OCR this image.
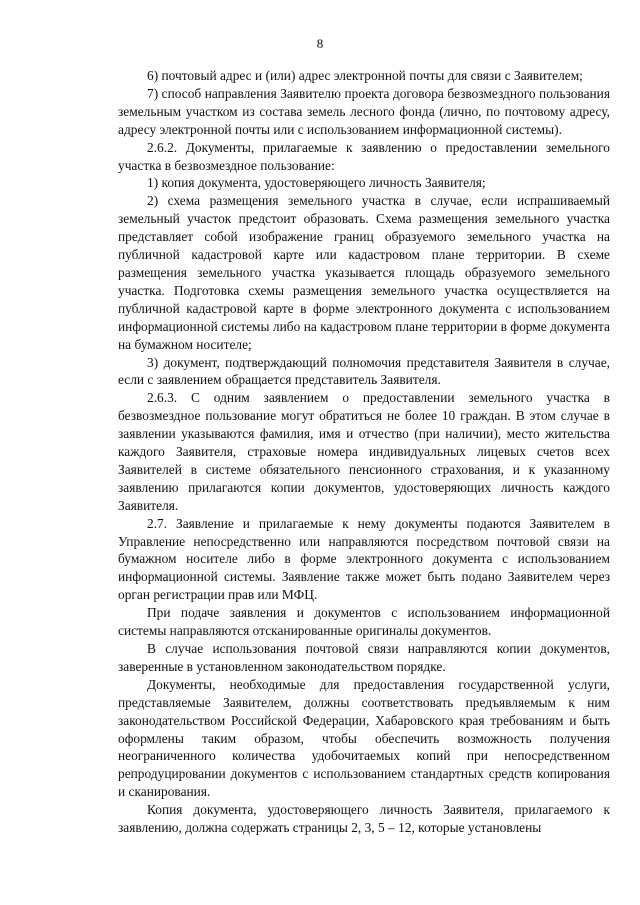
8

6) почтовый адрес и (или) адрес электронной почты для связи с Заявителем;

7) способ направления Заявителю проекта договора безвозмездного пользования земельным участком из состава земель лесного фонда (лично, по почтовому адресу, адресу электронной почты или с использованием информационной системы).

2.6.2. Документы, прилагаемые к заявлению о предоставлении земельного участка в безвозмездное пользование:

1) копия документа, удостоверяющего личность Заявителя;

2) схема размещения земельного участка в случае, если испрашиваемый земельный участок предстоит образовать. Схема размещения земельного участка представляет собой изображение границ образуемого земельного участка на публичной кадастровой карте или кадастровом плане территории. В схеме размещения земельного участка указывается площадь образуемого земельного участка. Подготовка схемы размещения земельного участка осуществляется на публичной кадастровой карте в форме электронного документа с использованием информационной системы либо на кадастровом плане территории в форме документа на бумажном носителе;

3) документ, подтверждающий полномочия представителя Заявителя в случае, если с заявлением обращается представитель Заявителя.

2.6.3. С одним заявлением о предоставлении земельного участка в безвозмездное пользование могут обратиться не более 10 граждан. В этом случае в заявлении указываются фамилия, имя и отчество (при наличии), место жительства каждого Заявителя, страховые номера индивидуальных лицевых счетов всех Заявителей в системе обязательного пенсионного страхования, и к указанному заявлению прилагаются копии документов, удостоверяющих личность каждого Заявителя.

2.7. Заявление и прилагаемые к нему документы подаются Заявителем в Управление непосредственно или направляются посредством почтовой связи на бумажном носителе либо в форме электронного документа с использованием информационной системы. Заявление также может быть подано Заявителем через орган регистрации прав или МФЦ.

При подаче заявления и документов с использованием информационной системы направляются отсканированные оригиналы документов.

В случае использования почтовой связи направляются копии документов, заверенные в установленном законодательством порядке.

Документы, необходимые для предоставления государственной услуги, представляемые Заявителем, должны соответствовать предъявляемым к ним законодательством Российской Федерации, Хабаровского края требованиям и быть оформлены таким образом, чтобы обеспечить возможность получения неограниченного количества удобочитаемых копий при непосредственном репродуцировании документов с использованием стандартных средств копирования и сканирования.

Копия документа, удостоверяющего личность Заявителя, прилагаемого к заявлению, должна содержать страницы 2, 3, 5 – 12, которые установлены
